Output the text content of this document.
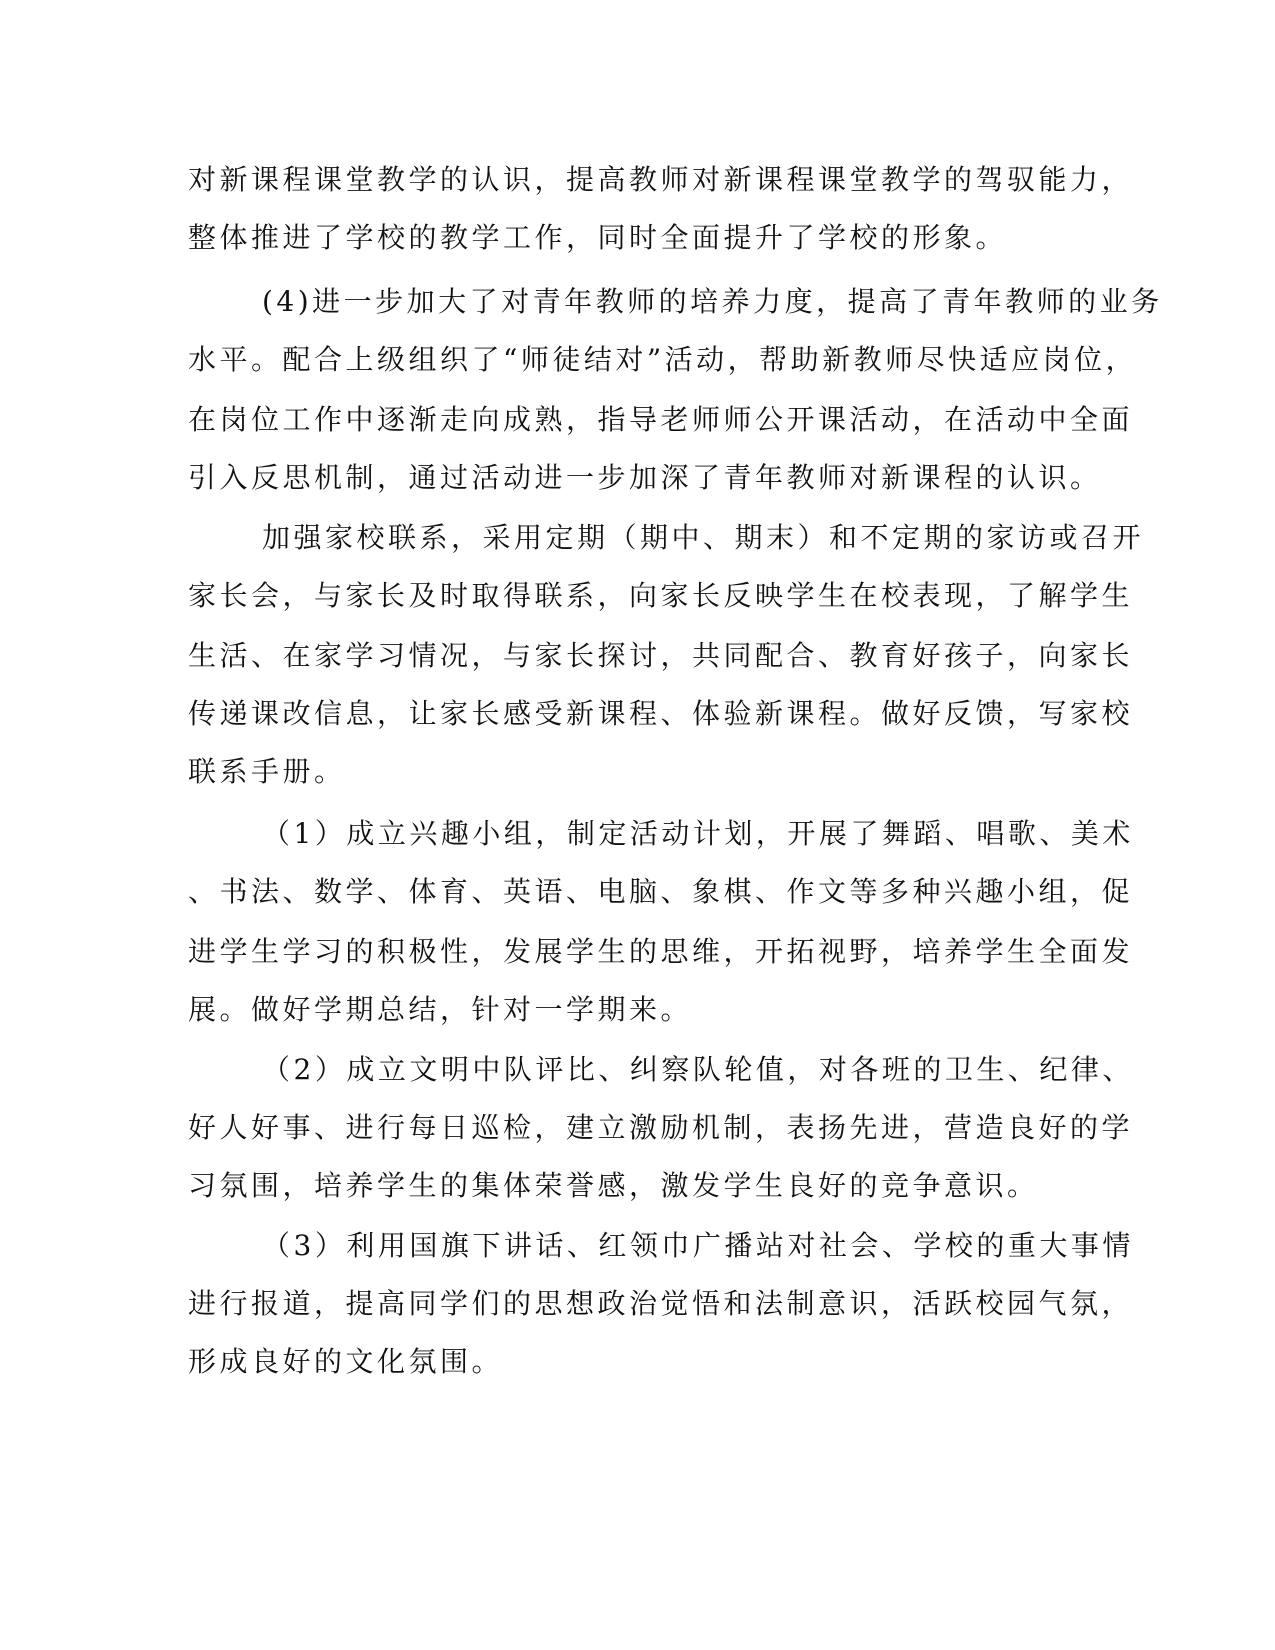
对新课程课堂教学的认识，提高教师对新课程课堂教学的驾驭能力，
整体推进了学校的教学工作，同时全面提升了学校的形象。
(4)进一步加大了对青年教师的培养力度，提高了青年教师的业务
水平。配合上级组织了“师徒结对”活动，帮助新教师尽快适应岗位，
在岗位工作中逐渐走向成熟，指导老师师公开课活动，在活动中全面
引入反思机制，通过活动进一步加深了青年教师对新课程的认识。
加强家校联系，采用定期（期中、期末）和不定期的家访或召开
家长会，与家长及时取得联系，向家长反映学生在校表现，了解学生
生活、在家学习情况，与家长探讨，共同配合、教育好孩子，向家长
传递课改信息，让家长感受新课程、体验新课程。做好反馈，写家校
联系手册。
（1）成立兴趣小组，制定活动计划，开展了舞蹈、唱歌、美术
、书法、数学、体育、英语、电脑、象棋、作文等多种兴趣小组，促
进学生学习的积极性，发展学生的思维，开拓视野，培养学生全面发
展。做好学期总结，针对一学期来。
（2）成立文明中队评比、纠察队轮值，对各班的卫生、纪律、
好人好事、进行每日巡检，建立激励机制，表扬先进，营造良好的学
习氛围，培养学生的集体荣誉感，激发学生良好的竞争意识。
（3）利用国旗下讲话、红领巾广播站对社会、学校的重大事情
进行报道，提高同学们的思想政治觉悟和法制意识，活跃校园气氛，
形成良好的文化氛围。
